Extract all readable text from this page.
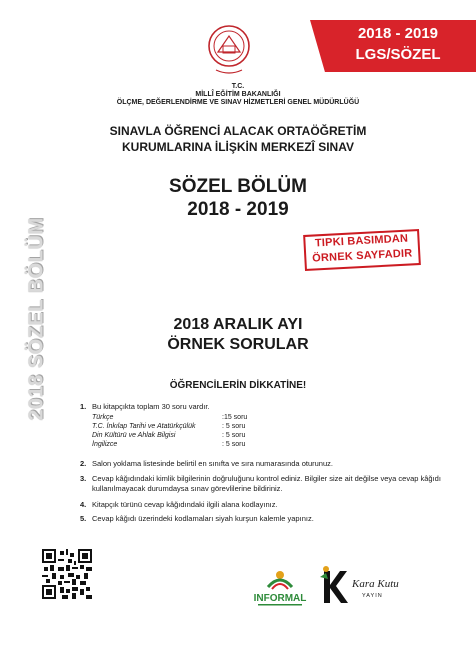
2018 - 2019
LGS/SÖZEL
T.C.
MİLLÎ EĞİTİM BAKANLIĞI
ÖLÇME, DEĞERLENDİRME VE SINAV HİZMETLERİ GENEL MÜDÜRLÜĞÜ
SINAVLA ÖĞRENCİ ALACAK ORTAÖĞRETİM
KURUMLARINA İLİŞKİN MERKEZÎ SINAV
SÖZEL BÖLÜM
2018 - 2019
TIPKI BASIMDAN
ÖRNEK SAYFADIR
2018 SÖZEL BÖLÜM	2018 ARALIK AYI
ÖRNEK SORULAR
ÖĞRENCİLERİN DİKKATİNE!
1. Bu kitapçıkta toplam 30 soru vardır.
Türkçe	:15 soru
T.C. İnkılap Tarihi ve Atatürkçülük	: 5 soru
Din Kültürü ve Ahlak Bilgisi	: 5 soru
İngilizce	: 5 soru
2. Salon yoklama listesinde belirtil en sınıfta ve sıra numarasında oturunuz.
3. Cevap kâğıdındaki kimlik bilgilerinin doğruluğunu kontrol ediniz. Bilgiler size ait değilse veya cevap kâğıdı kullanılmayacak durumdaysa sınav görevlilerine bildiriniz.
4. Kitapçık türünü cevap kâğıdındaki ilgili alana kodlayınız.
5. Cevap kâğıdı üzerindeki kodlamaları siyah kurşun kalemle yapınız.
INFORMAL
Kara Kutu
YAYIN
